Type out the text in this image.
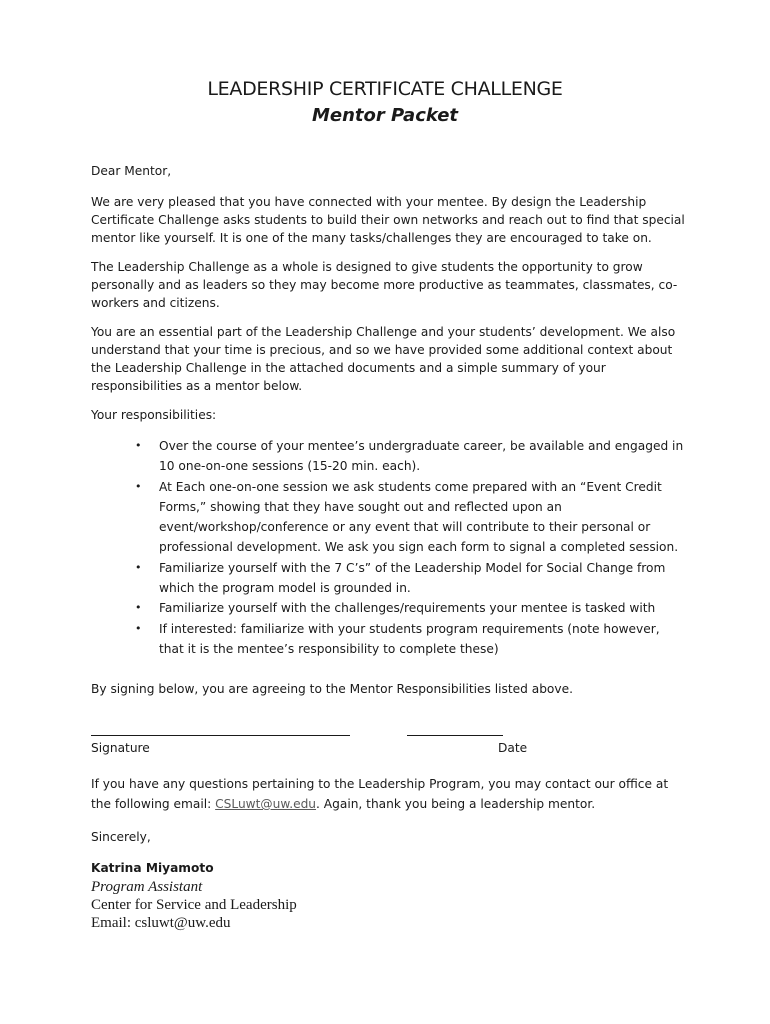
LEADERSHIP CERTIFICATE CHALLENGE
Mentor Packet

Dear Mentor,

We are very pleased that you have connected with your mentee. By design the Leadership Certificate Challenge asks students to build their own networks and reach out to find that special mentor like yourself. It is one of the many tasks/challenges they are encouraged to take on.

The Leadership Challenge as a whole is designed to give students the opportunity to grow personally and as leaders so they may become more productive as teammates, classmates, co-workers and citizens.

You are an essential part of the Leadership Challenge and your students’ development. We also understand that your time is precious, and so we have provided some additional context about the Leadership Challenge in the attached documents and a simple summary of your responsibilities as a mentor below.

Your responsibilities:

• Over the course of your mentee’s undergraduate career, be available and engaged in 10 one-on-one sessions (15-20 min. each).
• At Each one-on-one session we ask students come prepared with an “Event Credit Forms,” showing that they have sought out and reflected upon an event/workshop/conference or any event that will contribute to their personal or professional development. We ask you sign each form to signal a completed session.
• Familiarize yourself with the 7 C’s” of the Leadership Model for Social Change from which the program model is grounded in.
• Familiarize yourself with the challenges/requirements your mentee is tasked with
• If interested: familiarize with your students program requirements (note however, that it is the mentee’s responsibility to complete these)

By signing below, you are agreeing to the Mentor Responsibilities listed above.

Signature	Date

If you have any questions pertaining to the Leadership Program, you may contact our office at the following email: CSLuwt@uw.edu. Again, thank you being a leadership mentor.

Sincerely,

Katrina Miyamoto

Program Assistant

Center for Service and Leadership

Email: csluwt@uw.edu
